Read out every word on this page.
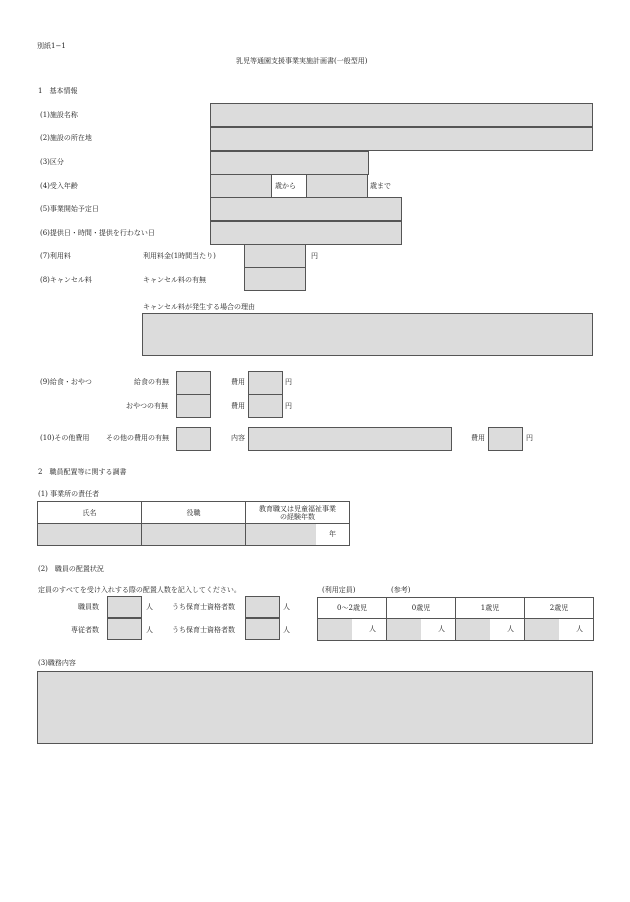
別紙1−1
乳児等通園支援事業実施計画書(一般型用)
1　基本情報
(1)施設名称
(2)施設の所在地
(3)区分
(4)受入年齢	歳から	歳まで
(5)事業開始予定日
(6)提供日・時間・提供を行わない日
(7)利用料	利用料金(1時間当たり)	円
(8)キャンセル料	キャンセル料の有無
キャンセル料が発生する場合の理由
(9)給食・おやつ	給食の有無	費用	円
おやつの有無	費用	円
(10)その他費用 その他の費用の有無	内容	費用	円
2　職員配置等に関する調書
(1) 事業所の責任者
氏名	役職	教育職又は児童福祉事業
の経験年数

		年
(2)　職員の配置状況
定員のすべてを受け入れする際の配置人数を記入してください。	(利用定員)	(参考)
職員数	人	うち保育士資格者数	人
専従者数	人	うち保育士資格者数	人
0〜2歳児	0歳児	1歳児	2歳児

人	人	人	人
(3)職務内容
